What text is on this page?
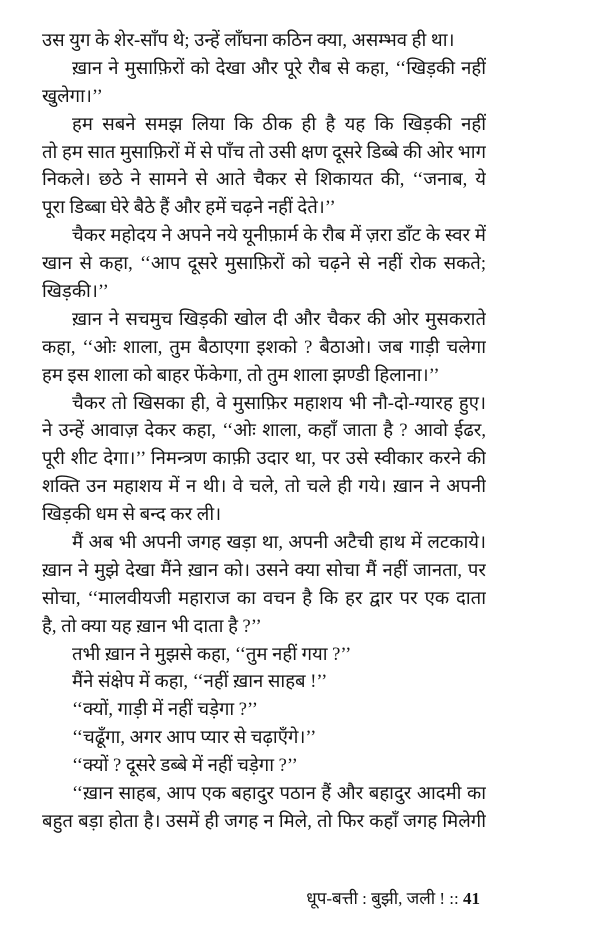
उस युग के शेर-साँप थे; उन्हें लाँघना कठिन क्या, असम्भव ही था।
ख़ान ने मुसाफ़िरों को देखा और पूरे रौब से कहा, ‘‘खिड़की नहीं
खुलेगा।’’
हम सबने समझ लिया कि ठीक ही है यह कि खिड़की नहीं
तो हम सात मुसाफ़िरों में से पाँच तो उसी क्षण दूसरे डिब्बे की ओर भाग
निकले। छठे ने सामने से आते चैकर से शिकायत की, ‘‘जनाब, ये
पूरा डिब्बा घेरे बैठे हैं और हमें चढ़ने नहीं देते।’’
चैकर महोदय ने अपने नये यूनीफ़ार्म के रौब में ज़रा डाँट के स्वर में
खान से कहा, ‘‘आप दूसरे मुसाफ़िरों को चढ़ने से नहीं रोक सकते;
खिड़की।’’
ख़ान ने सचमुच खिड़की खोल दी और चैकर की ओर मुसकराते
कहा, ‘‘ओः शाला, तुम बैठाएगा इशको ? बैठाओ। जब गाड़ी चलेगा
हम इस शाला को बाहर फेंकेगा, तो तुम शाला झण्डी हिलाना।’’
चैकर तो खिसका ही, वे मुसाफ़िर महाशय भी नौ-दो-ग्यारह हुए।
ने उन्हें आवाज़ देकर कहा, ‘‘ओः शाला, कहाँ जाता है ? आवो ईढर,
पूरी शीट देगा।’’ निमन्त्रण काफ़ी उदार था, पर उसे स्वीकार करने की
शक्ति उन महाशय में न थी। वे चले, तो चले ही गये। ख़ान ने अपनी
खिड़की धम से बन्द कर ली।
मैं अब भी अपनी जगह खड़ा था, अपनी अटैची हाथ में लटकाये।
ख़ान ने मुझे देखा मैंने ख़ान को। उसने क्या सोचा मैं नहीं जानता, पर
सोचा, ‘‘मालवीयजी महाराज का वचन है कि हर द्वार पर एक दाता
है, तो क्या यह ख़ान भी दाता है ?’’
तभी ख़ान ने मुझसे कहा, ‘‘तुम नहीं गया ?’’
मैंने संक्षेप में कहा, ‘‘नहीं ख़ान साहब !’’
‘‘क्यों, गाड़ी में नहीं चड़ेगा ?’’
‘‘चढूँगा, अगर आप प्यार से चढ़ाएँगे।’’
‘‘क्यों ? दूसरे डब्बे में नहीं चड़ेगा ?’’
‘‘ख़ान साहब, आप एक बहादुर पठान हैं और बहादुर आदमी का
बहुत बड़ा होता है। उसमें ही जगह न मिले, तो फिर कहाँ जगह मिलेगी
धूप-बत्ती : बुझी, जली ! :: 41
